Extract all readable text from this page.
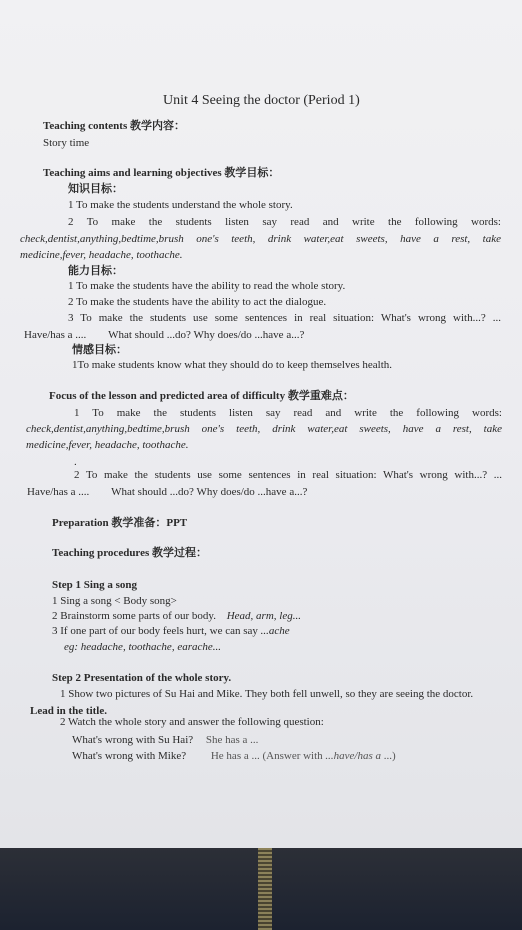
Unit 4 Seeing the doctor (Period 1)
Teaching contents 教学内容：
Story time
Teaching aims and learning objectives 教学目标：
知识目标：
1 To make the students understand the whole story.
2 To make the students listen say read and write the following words:
check,dentist,anything,bedtime,brush one's teeth, drink water,eat sweets, have a rest, take
medicine,fever, headache, toothache.
能力目标：
1 To make the students have the ability to read the whole story.
2 To make the students have the ability to act the dialogue.
3 To make the students use some sentences in real situation: What's wrong with...? ...
Have/has a ....        What should ...do? Why does/do ...have a...?
情感目标：
1To make students know what they should do to keep themselves health.
Focus of the lesson and predicted area of difficulty 教学重难点：
1 To make the students listen say read and write the following words:
check,dentist,anything,bedtime,brush one's teeth, drink water,eat sweets, have a rest, take
medicine,fever, headache, toothache.
.
2 To make the students use some sentences in real situation: What's wrong with...? ...
Have/has a ....        What should ...do? Why does/do ...have a...?
Preparation 教学准备：PPT
Teaching procedures 教学过程：
Step 1 Sing a song
1 Sing a song < Body song>
2 Brainstorm some parts of our body. Head, arm, leg...
3 If one part of our body feels hurt, we can say ...ache
eg: headache, toothache, earache...
Step 2 Presentation of the whole story.
1 Show two pictures of Su Hai and Mike. They both fell unwell, so they are seeing the doctor.
Lead in the title.
2 Watch the whole story and answer the following question:
What's wrong with Su Hai? She has a ...
What's wrong with Mike? He has a ... (Answer with ...have/has a ...)
